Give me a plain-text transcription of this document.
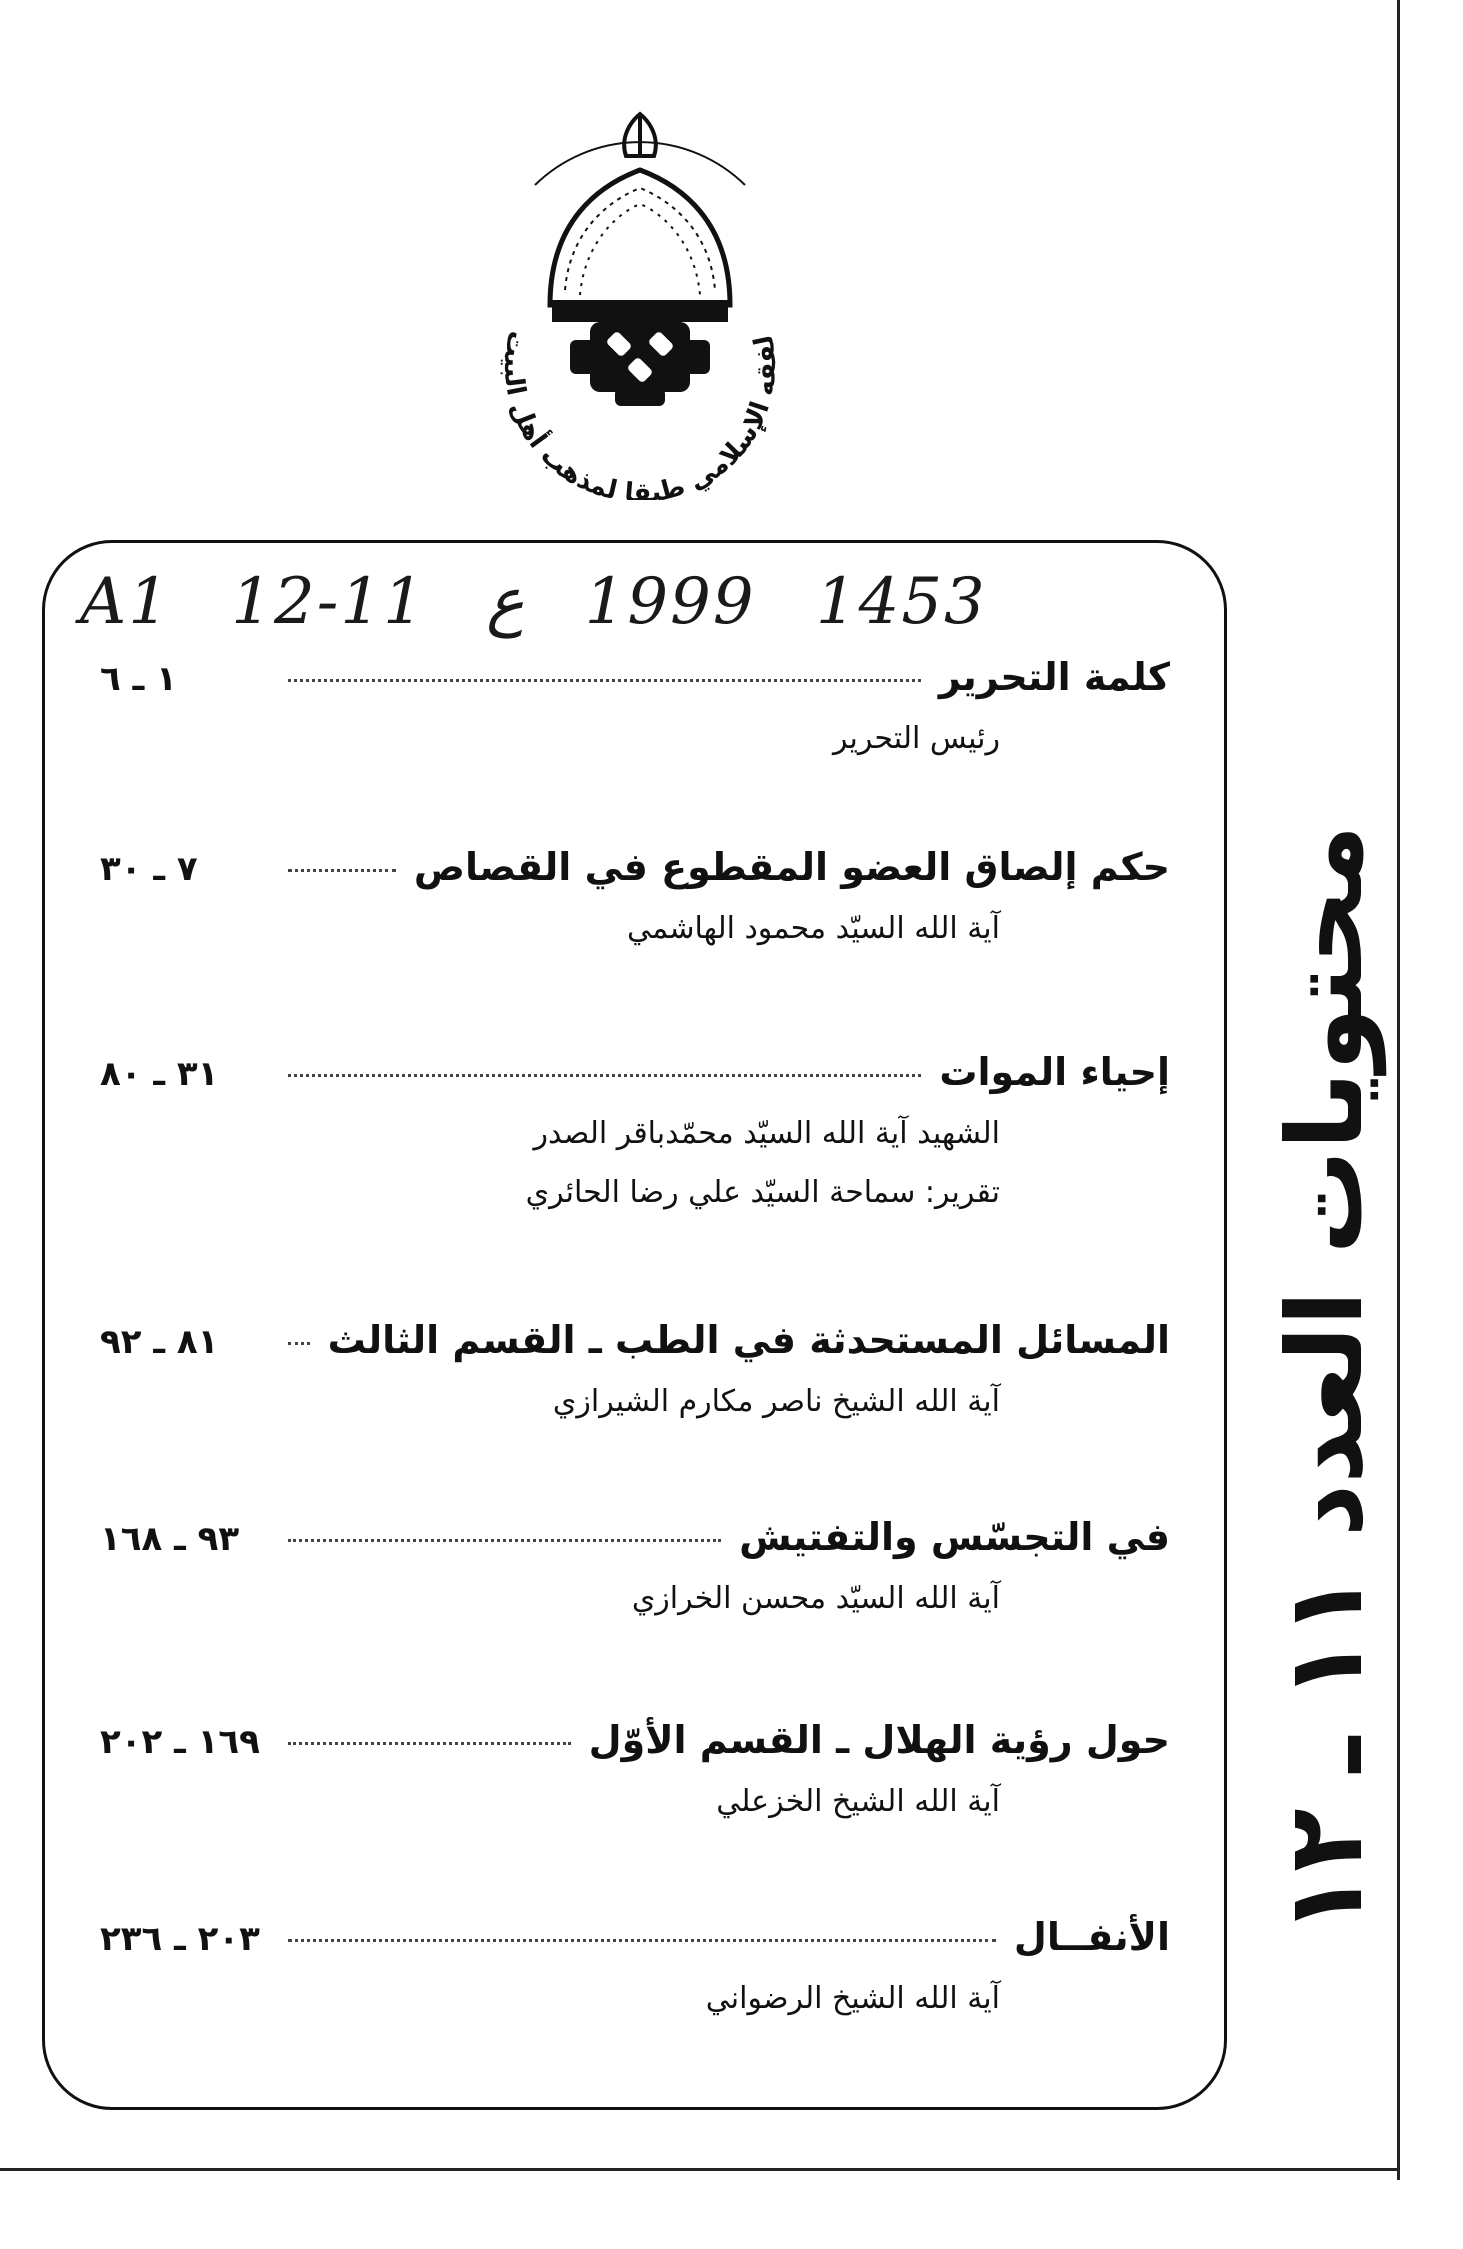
لفقه الإسلامي طبقا لمذهب أهل البيت
A1 12-11 ع 1999 1453
كلمة التحرير
١ ـ ٦
رئيس التحرير
حكم إلصاق العضو المقطوع في القصاص
٧ ـ ٣٠
آية الله السيّد محمود الهاشمي
إحياء الموات
٣١ ـ ٨٠
الشهيد آية الله السيّد محمّدباقر الصدر
تقرير: سماحة السيّد علي رضا الحائري
المسائل المستحدثة في الطب ـ القسم الثالث
٨١ ـ ٩٢
آية الله الشيخ ناصر مكارم الشيرازي
في التجسّس والتفتيش
٩٣ ـ ١٦٨
آية الله السيّد محسن الخرازي
حول رؤية الهلال ـ القسم الأوّل
١٦٩ ـ ٢٠٢
آية الله الشيخ الخزعلي
الأنفــال
٢٠٣ ـ ٢٣٦
آية الله الشيخ الرضواني
محتويات العدد ١١ ـ ١٢
